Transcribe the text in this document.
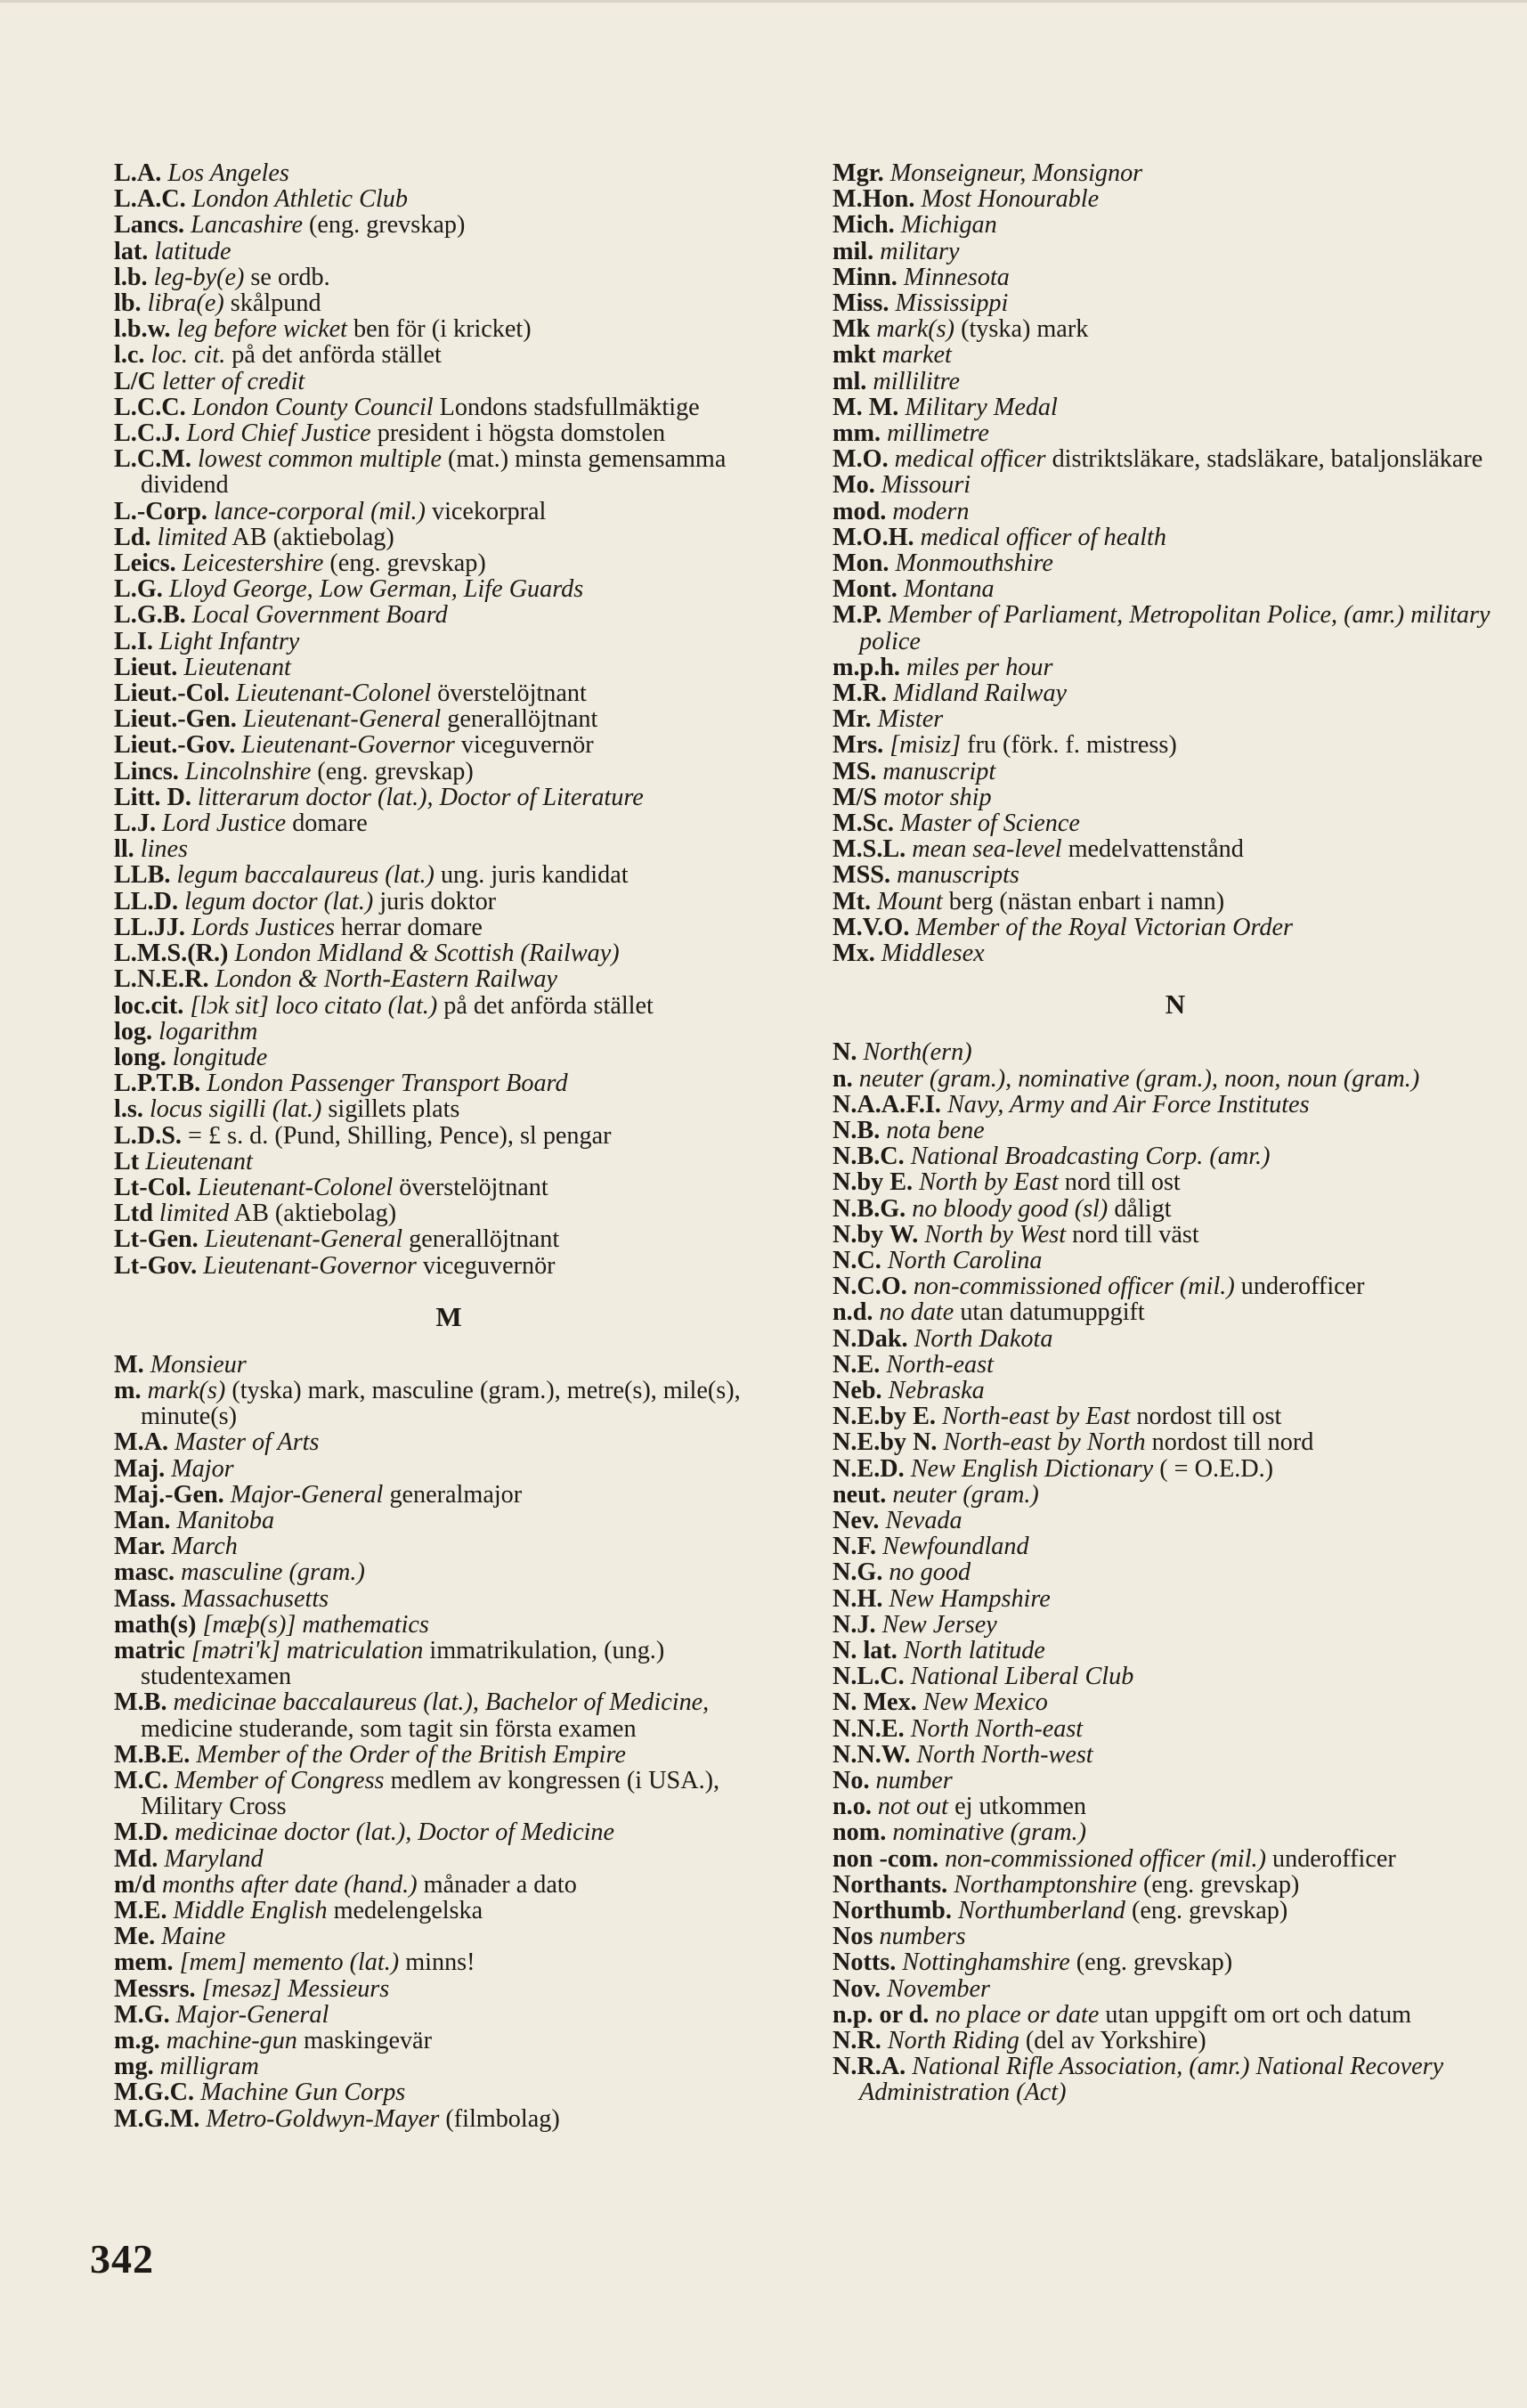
L.A. Los Angeles
L.A.C. London Athletic Club
Lancs. Lancashire (eng. grevskap)
lat. latitude
l.b. leg-by(e) se ordb.
lb. libra(e) skålpund
l.b.w. leg before wicket ben för (i kricket)
l.c. loc. cit. på det anförda stället
L/C letter of credit
L.C.C. London County Council Londons stadsfullmäktige
L.C.J. Lord Chief Justice president i högsta domstolen
L.C.M. lowest common multiple (mat.) minsta gemensamma dividend
L.-Corp. lance-corporal (mil.) vicekorpral
Ld. limited AB (aktiebolag)
Leics. Leicestershire (eng. grevskap)
L.G. Lloyd George, Low German, Life Guards
L.G.B. Local Government Board
L.I. Light Infantry
Lieut. Lieutenant
Lieut.-Col. Lieutenant-Colonel överstelöjtnant
Lieut.-Gen. Lieutenant-General generallöjtnant
Lieut.-Gov. Lieutenant-Governor viceguvernör
Lincs. Lincolnshire (eng. grevskap)
Litt. D. litterarum doctor (lat.), Doctor of Literature
L.J. Lord Justice domare
ll. lines
LLB. legum baccalaureus (lat.) ung. juris kandidat
LL.D. legum doctor (lat.) juris doktor
LL.JJ. Lords Justices herrar domare
L.M.S.(R.) London Midland & Scottish (Railway)
L.N.E.R. London & North-Eastern Railway
loc.cit. [lɔk sit] loco citato (lat.) på det anförda stället
log. logarithm
long. longitude
L.P.T.B. London Passenger Transport Board
l.s. locus sigilli (lat.) sigillets plats
L.D.S. = £ s. d. (Pund, Shilling, Pence), sl pengar
Lt Lieutenant
Lt-Col. Lieutenant-Colonel överstelöjtnant
Ltd limited AB (aktiebolag)
Lt-Gen. Lieutenant-General generallöjtnant
Lt-Gov. Lieutenant-Governor viceguvernör
M
M. Monsieur
m. mark(s) (tyska) mark, masculine (gram.), metre(s), mile(s), minute(s)
M.A. Master of Arts
Maj. Major
Maj.-Gen. Major-General generalmajor
Man. Manitoba
Mar. March
masc. masculine (gram.)
Mass. Massachusetts
math(s) [mæþ(s)] mathematics
matric [mətri'k] matriculation immatrikulation, (ung.) studentexamen
M.B. medicinae baccalaureus (lat.), Bachelor of Medicine, medicine studerande, som tagit sin första examen
M.B.E. Member of the Order of the British Empire
M.C. Member of Congress medlem av kongressen (i USA.), Military Cross
M.D. medicinae doctor (lat.), Doctor of Medicine
Md. Maryland
m/d months after date (hand.) månader a dato
M.E. Middle English medelengelska
Me. Maine
mem. [mem] memento (lat.) minns!
Messrs. [mesəz] Messieurs
M.G. Major-General
m.g. machine-gun maskingevär
mg. milligram
M.G.C. Machine Gun Corps
M.G.M. Metro-Goldwyn-Mayer (filmbolag)
Mgr. Monseigneur, Monsignor
M.Hon. Most Honourable
Mich. Michigan
mil. military
Minn. Minnesota
Miss. Mississippi
Mk mark(s) (tyska) mark
mkt market
ml. millilitre
M. M. Military Medal
mm. millimetre
M.O. medical officer distriktsläkare, stadsläkare, bataljonsläkare
Mo. Missouri
mod. modern
M.O.H. medical officer of health
Mon. Monmouthshire
Mont. Montana
M.P. Member of Parliament, Metropolitan Police, (amr.) military police
m.p.h. miles per hour
M.R. Midland Railway
Mr. Mister
Mrs. [misiz] fru (förk. f. mistress)
MS. manuscript
M/S motor ship
M.Sc. Master of Science
M.S.L. mean sea-level medelvattenstånd
MSS. manuscripts
Mt. Mount berg (nästan enbart i namn)
M.V.O. Member of the Royal Victorian Order
Mx. Middlesex
N
N. North(ern)
n. neuter (gram.), nominative (gram.), noon, noun (gram.)
N.A.A.F.I. Navy, Army and Air Force Institutes
N.B. nota bene
N.B.C. National Broadcasting Corp. (amr.)
N.by E. North by East nord till ost
N.B.G. no bloody good (sl) dåligt
N.by W. North by West nord till väst
N.C. North Carolina
N.C.O. non-commissioned officer (mil.) underofficer
n.d. no date utan datumuppgift
N.Dak. North Dakota
N.E. North-east
Neb. Nebraska
N.E.by E. North-east by East nordost till ost
N.E.by N. North-east by North nordost till nord
N.E.D. New English Dictionary ( = O.E.D.)
neut. neuter (gram.)
Nev. Nevada
N.F. Newfoundland
N.G. no good
N.H. New Hampshire
N.J. New Jersey
N. lat. North latitude
N.L.C. National Liberal Club
N. Mex. New Mexico
N.N.E. North North-east
N.N.W. North North-west
No. number
n.o. not out ej utkommen
nom. nominative (gram.)
non -com. non-commissioned officer (mil.) underofficer
Northants. Northamptonshire (eng. grevskap)
Northumb. Northumberland (eng. grevskap)
Nos numbers
Notts. Nottinghamshire (eng. grevskap)
Nov. November
n.p. or d. no place or date utan uppgift om ort och datum
N.R. North Riding (del av Yorkshire)
N.R.A. National Rifle Association, (amr.) National Recovery Administration (Act)
342
